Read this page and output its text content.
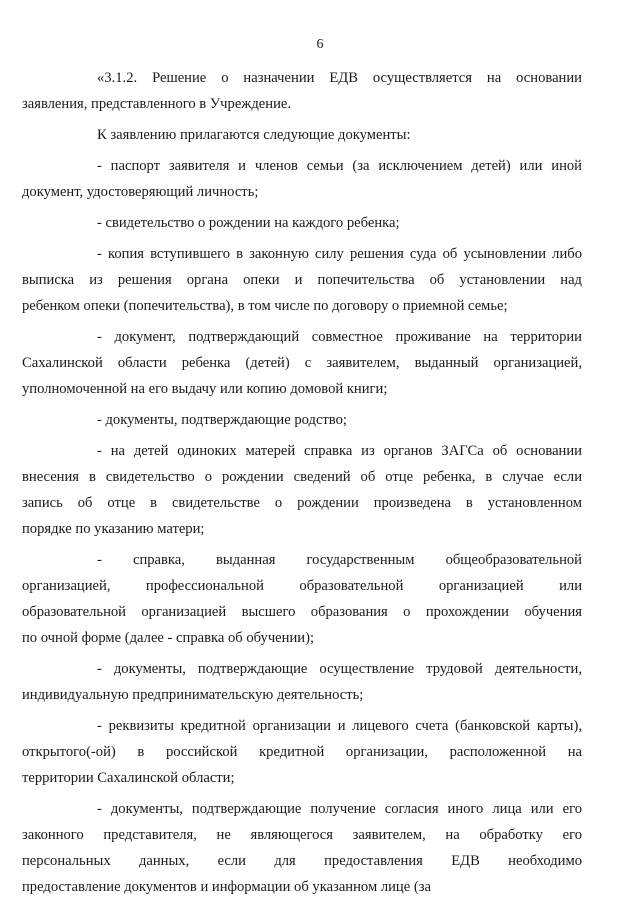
6
«3.1.2. Решение о назначении ЕДВ осуществляется на основании
заявления, представленного в Учреждение.
К заявлению прилагаются следующие документы:
- паспорт заявителя и членов семьи (за исключением детей) или иной
документ, удостоверяющий личность;
- свидетельство о рождении на каждого ребенка;
- копия вступившего в законную силу решения суда об усыновлении либо
выписка из решения органа опеки и попечительства об установлении над
ребенком опеки (попечительства), в том числе по договору о приемной семье;
- документ, подтверждающий совместное проживание на территории
Сахалинской области ребенка (детей) с заявителем, выданный организацией,
уполномоченной на его выдачу или копию домовой книги;
- документы, подтверждающие родство;
- на детей одиноких матерей справка из органов ЗАГСа об основании
внесения в свидетельство о рождении сведений об отце ребенка, в случае если
запись об отце в свидетельстве о рождении произведена в установленном
порядке по указанию матери;
- справка, выданная государственным общеобразовательной
организацией, профессиональной образовательной организацией или
образовательной организацией высшего образования о прохождении обучения
по очной форме (далее - справка об обучении);
- документы, подтверждающие осуществление трудовой деятельности,
индивидуальную предпринимательскую деятельность;
- реквизиты кредитной организации и лицевого счета (банковской карты),
открытого(-ой) в российской кредитной организации, расположенной на
территории Сахалинской области;
- документы, подтверждающие получение согласия иного лица или его
законного представителя, не являющегося заявителем, на обработку его
персональных данных, если для предоставления ЕДВ необходимо
предоставление документов и информации об указанном лице (за
